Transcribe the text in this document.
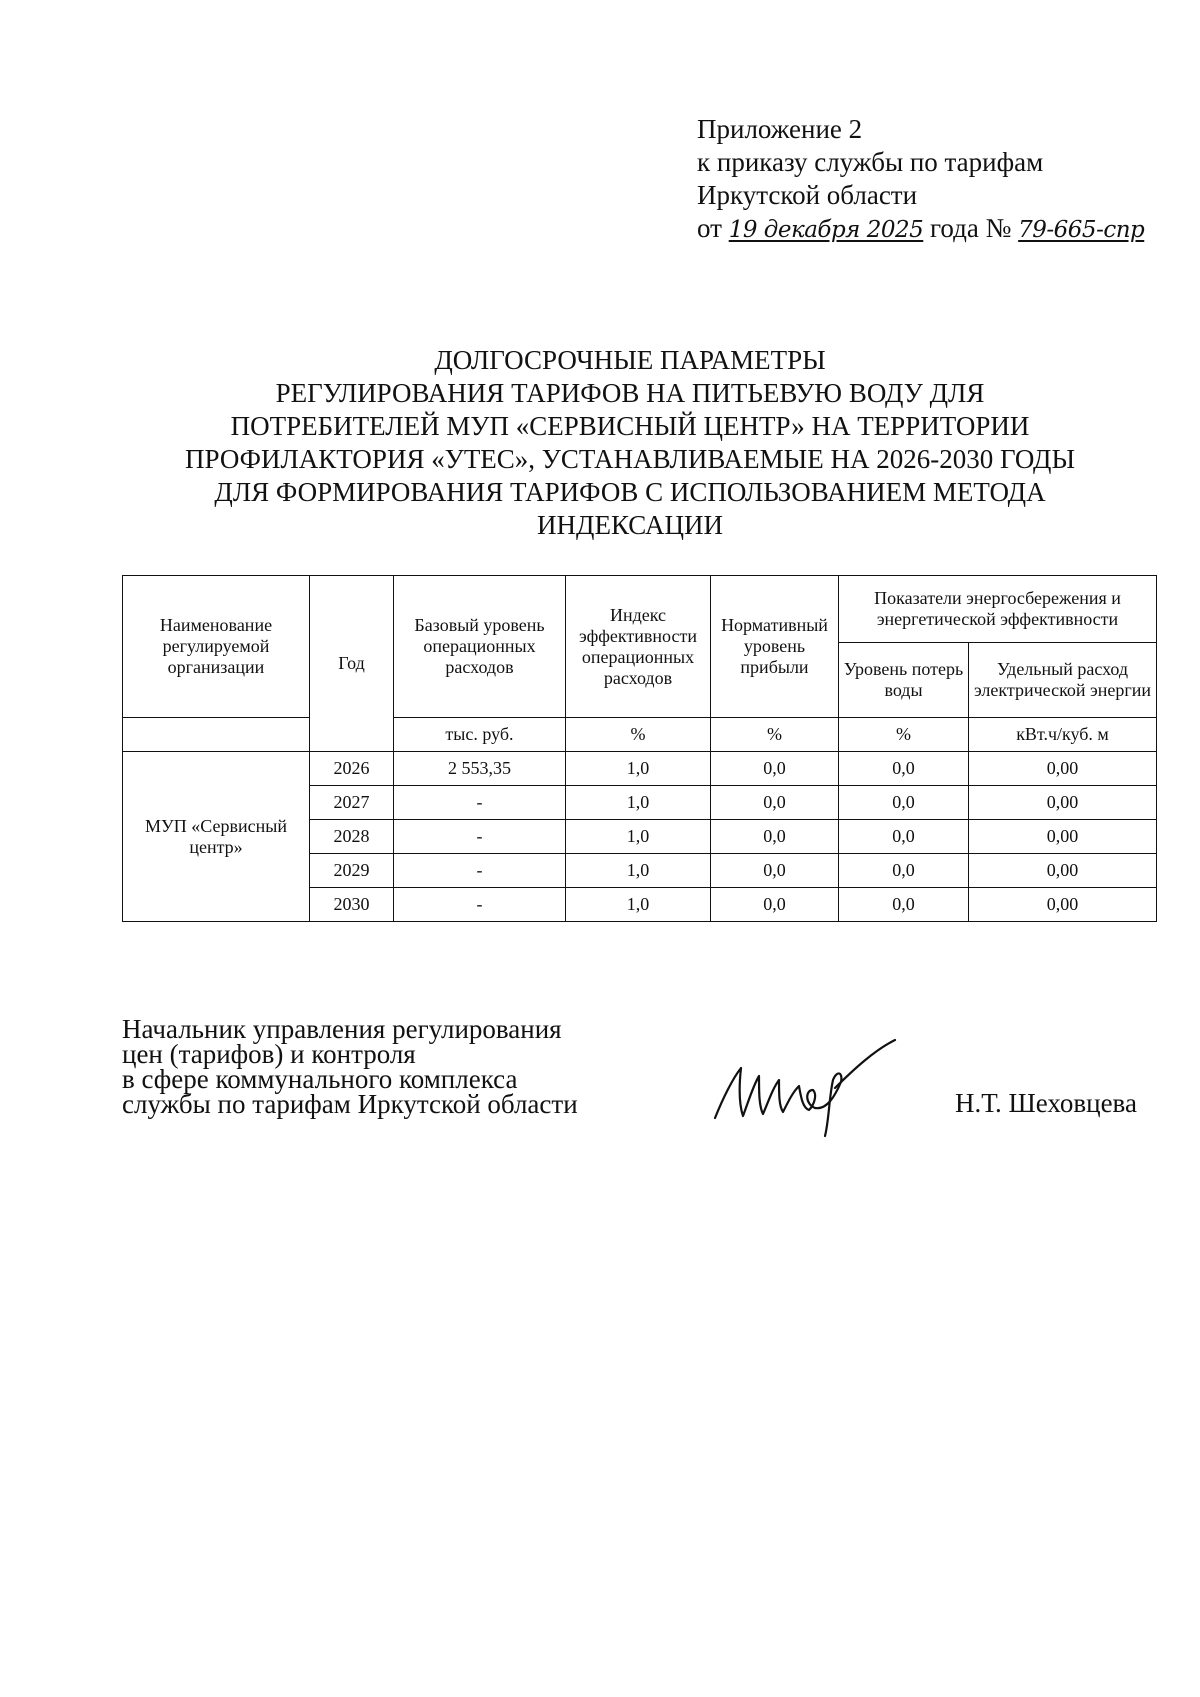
Приложение 2
к приказу службы по тарифам
Иркутской области
от 19 декабря 2025 года № 79-665-спр
ДОЛГОСРОЧНЫЕ ПАРАМЕТРЫ
РЕГУЛИРОВАНИЯ ТАРИФОВ НА ПИТЬЕВУЮ ВОДУ ДЛЯ
ПОТРЕБИТЕЛЕЙ МУП «СЕРВИСНЫЙ ЦЕНТР» НА ТЕРРИТОРИИ
ПРОФИЛАКТОРИЯ «УТЕС», УСТАНАВЛИВАЕМЫЕ НА 2026-2030 ГОДЫ
ДЛЯ ФОРМИРОВАНИЯ ТАРИФОВ С ИСПОЛЬЗОВАНИЕМ МЕТОДА
ИНДЕКСАЦИИ
Наименование регулируемой организации	Год	Базовый уровень операционных расходов	Индекс эффективности операционных расходов	Нормативный уровень прибыли	Показатели энергосбережения и энергетической эффективности	
					Уровень потерь воды	Удельный расход электрической энергии
		тыс. руб.	%	%	%	кВт.ч/куб. м
МУП «Сервисный центр»	2026	2 553,35	1,0	0,0	0,0	0,00
	2027	-	1,0	0,0	0,0	0,00
	2028	-	1,0	0,0	0,0	0,00
	2029	-	1,0	0,0	0,0	0,00
	2030	-	1,0	0,0	0,0	0,00
Начальник управления регулирования
цен (тарифов) и контроля
в сфере коммунального комплекса
службы по тарифам Иркутской области	Н.Т. Шеховцева
